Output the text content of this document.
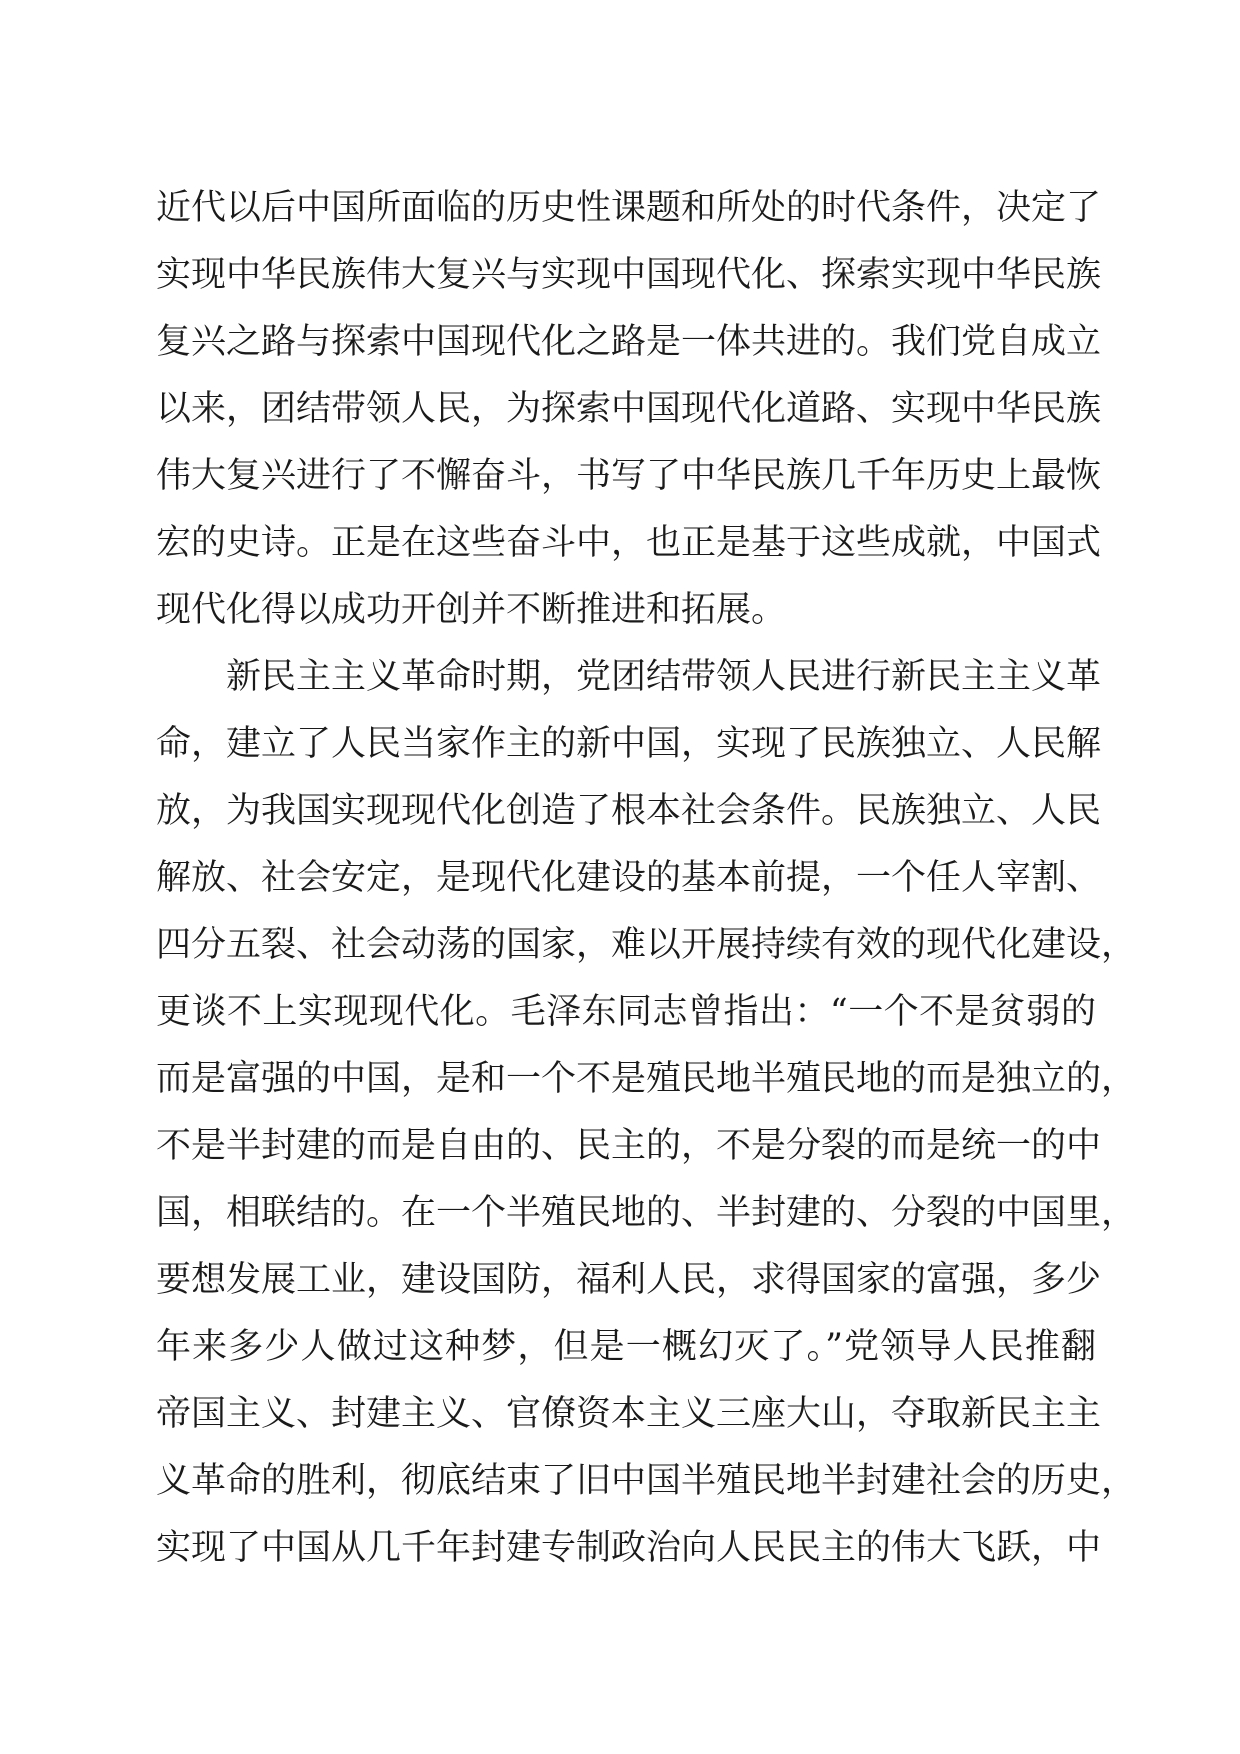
近代以后中国所面临的历史性课题和所处的时代条件，决定了
实现中华民族伟大复兴与实现中国现代化、探索实现中华民族
复兴之路与探索中国现代化之路是一体共进的。我们党自成立
以来，团结带领人民，为探索中国现代化道路、实现中华民族
伟大复兴进行了不懈奋斗，书写了中华民族几千年历史上最恢
宏的史诗。正是在这些奋斗中，也正是基于这些成就，中国式
现代化得以成功开创并不断推进和拓展。
新民主主义革命时期，党团结带领人民进行新民主主义革
命，建立了人民当家作主的新中国，实现了民族独立、人民解
放，为我国实现现代化创造了根本社会条件。民族独立、人民
解放、社会安定，是现代化建设的基本前提，一个任人宰割、
四分五裂、社会动荡的国家，难以开展持续有效的现代化建设，
更谈不上实现现代化。毛泽东同志曾指出：“一个不是贫弱的
而是富强的中国，是和一个不是殖民地半殖民地的而是独立的，
不是半封建的而是自由的、民主的，不是分裂的而是统一的中
国，相联结的。在一个半殖民地的、半封建的、分裂的中国里，
要想发展工业，建设国防，福利人民，求得国家的富强，多少
年来多少人做过这种梦，但是一概幻灭了。”党领导人民推翻
帝国主义、封建主义、官僚资本主义三座大山，夺取新民主主
义革命的胜利，彻底结束了旧中国半殖民地半封建社会的历史，
实现了中国从几千年封建专制政治向人民民主的伟大飞跃，中
